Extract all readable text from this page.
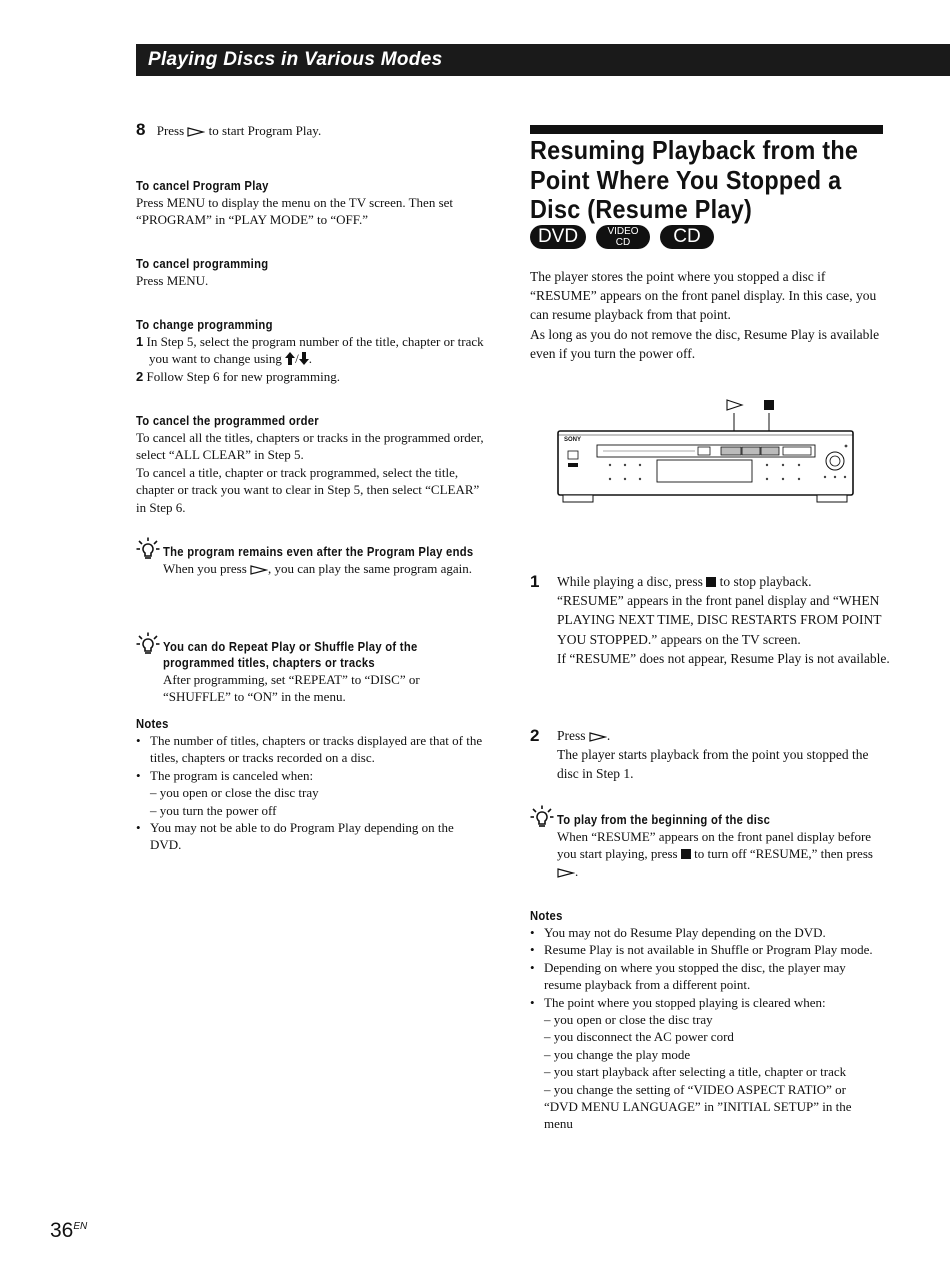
Playing Discs in Various Modes
8 Press to start Program Play.
To cancel Program Play

Press MENU to display the menu on the TV screen. Then set “PROGRAM” in “PLAY MODE” to “OFF.”

To cancel programming

Press MENU.

To change programming
1 In Step 5, select the program number of the title, chapter or track you want to change using / .
2 Follow Step 6 for new programming.
To cancel the programmed order

To cancel all the titles, chapters or tracks in the programmed order, select “ALL CLEAR” in Step 5.

To cancel a title, chapter or track programmed, select the title, chapter or track you want to clear in Step 5, then select “CLEAR” in Step 6.

The program remains even after the Program Play ends
When you press , you can play the same program again.
You can do Repeat Play or Shuffle Play of the programmed titles, chapters or tracks

After programming, set “REPEAT” to “DISC” or “SHUFFLE” to “ON” in the menu.

Notes
• The number of titles, chapters or tracks displayed are that of the titles, chapters or tracks recorded on a disc.
• The program is canceled when:
– you open or close the disc tray
– you turn the power off
• You may not be able to do Program Play depending on the DVD.
Resuming Playback from the Point Where You Stopped a Disc (Resume Play)
DVD	VIDEO
CD	CD

The player stores the point where you stopped a disc if “RESUME” appears on the front panel display. In this case, you can resume playback from that point.

As long as you do not remove the disc, Resume Play is available even if you turn the power off.

SONY
1 While playing a disc, press to stop playback.

“RESUME” appears in the front panel display and “WHEN PLAYING NEXT TIME, DISC RESTARTS FROM POINT YOU STOPPED.” appears on the TV screen.

If “RESUME” does not appear, Resume Play is not available.

2 Press .

The player starts playback from the point you stopped the disc in Step 1.

To play from the beginning of the disc
When “RESUME” appears on the front panel display before you start playing, press to turn off “RESUME,” then press .
Notes
• You may not do Resume Play depending on the DVD.
• Resume Play is not available in Shuffle or Program Play mode.
• Depending on where you stopped the disc, the player may resume playback from a different point.
• The point where you stopped playing is cleared when:
– you open or close the disc tray
– you disconnect the AC power cord
– you change the play mode
– you start playback after selecting a title, chapter or track
– you change the setting of “VIDEO ASPECT RATIO” or “DVD MENU LANGUAGE” in ”INITIAL SETUP” in the menu
$36^{EN}$
